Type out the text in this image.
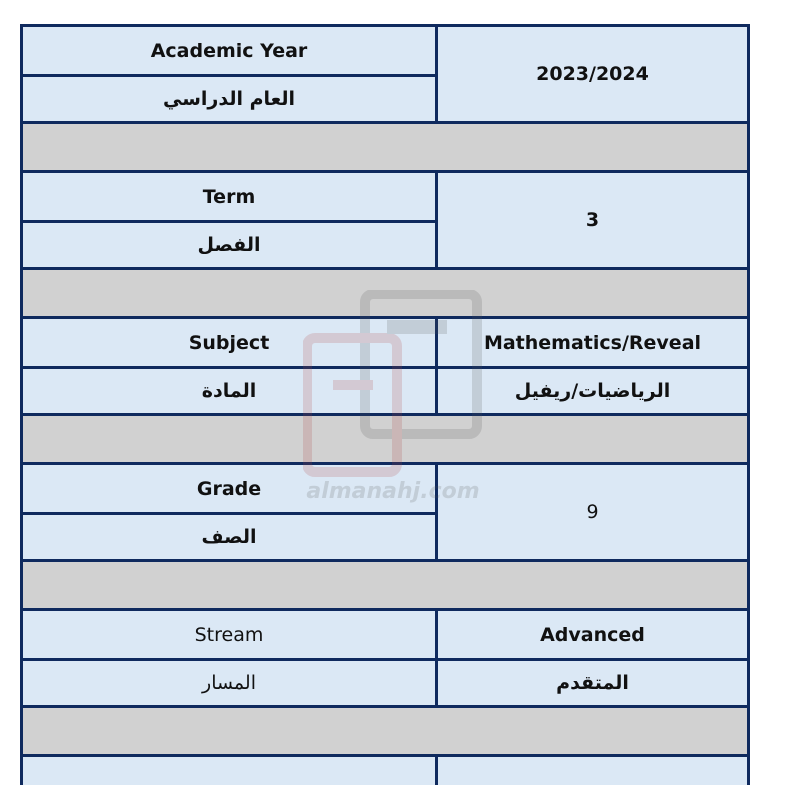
Academic Year
العام الدراسي
2023/2024
Term
الفصل
3
Subject
المادة
Mathematics/Reveal
الرياضيات/ريفيل
Grade
الصف
9
Stream
المسار
Advanced
المتقدم
